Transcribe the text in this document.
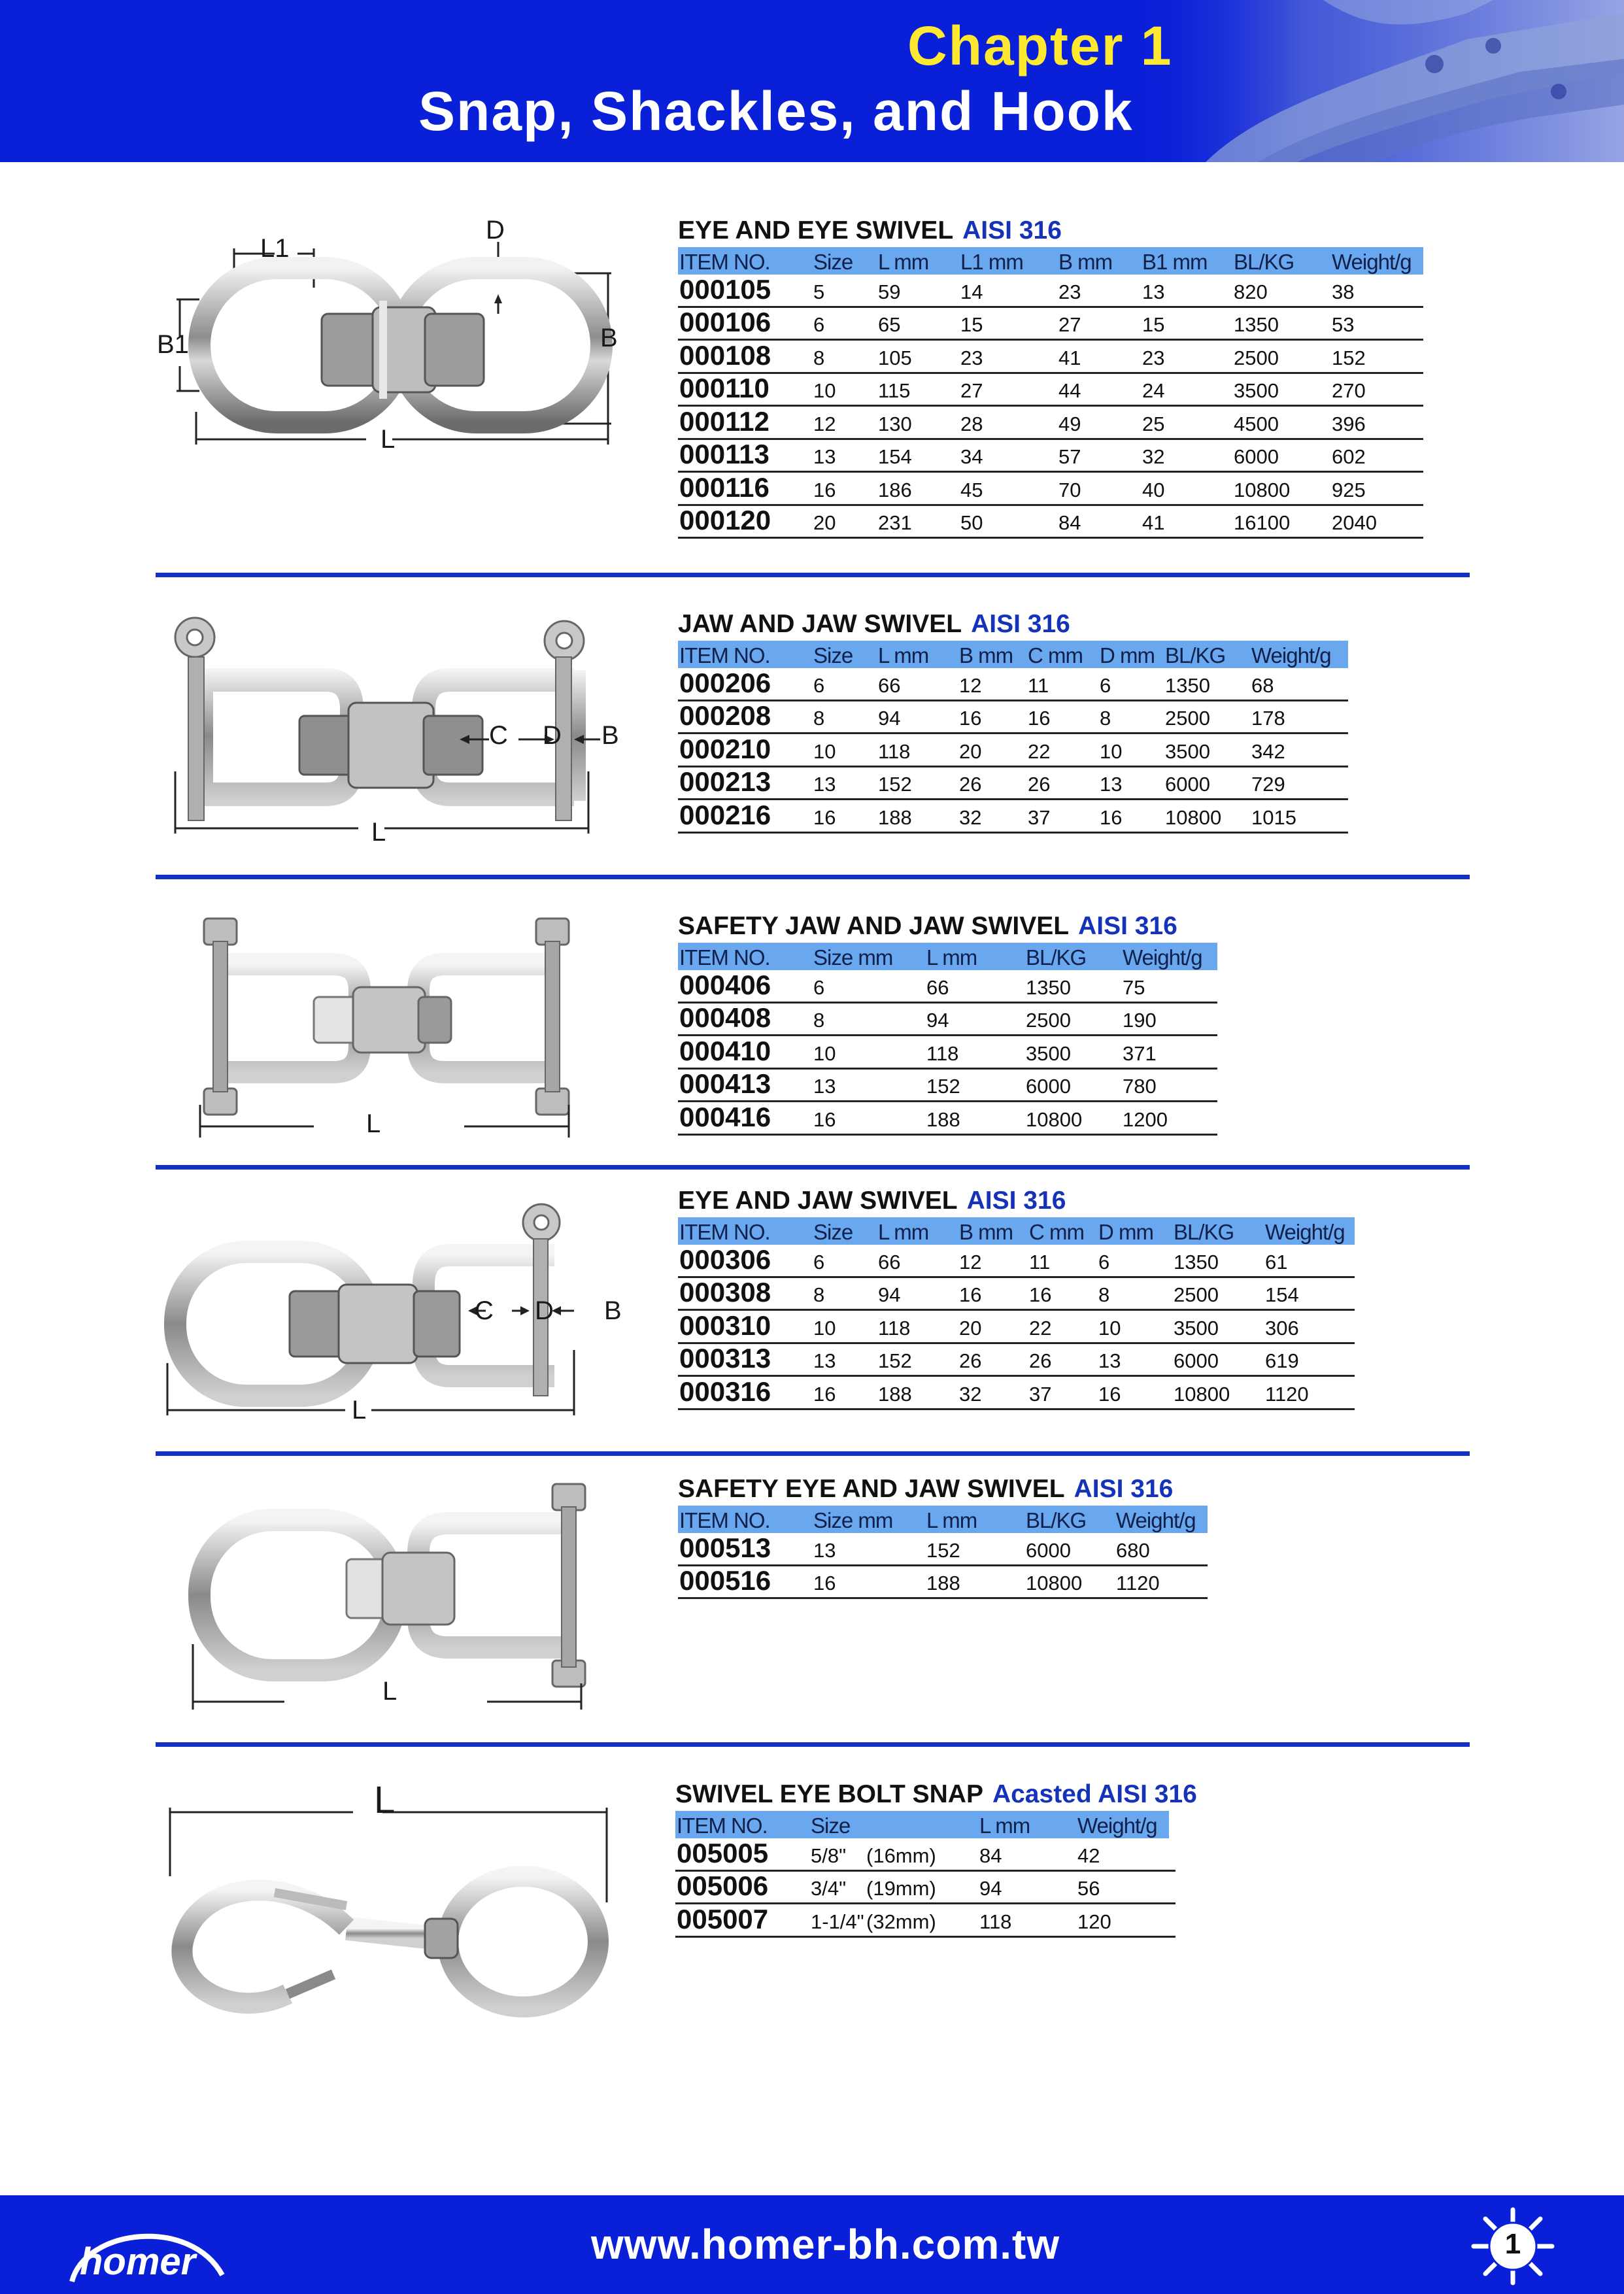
Chapter 1
Snap, Shackles, and Hook
L1
D
B1	B
L
EYE AND EYE SWIVEL AISI 316
ITEM NO. Size L mm L1 mm B mm B1 mm BL/KG Weight/g
000105 5	59	14	23	13	820	38
000106 6	65	15	27	15	1350	53
000108 8	105 23	41	23	2500	152
000110 10 115 27	44	24	3500	270
000112 12 130 28	49	25	4500	396
000113 13 154 34	57	32	6000	602
000116 16 186 45	70	40	10800 925
000120 20 231 50	84	41	16100 2040
C D B
L
JAW AND JAW SWIVEL AISI 316
ITEM NO. Size L mm B mm C mm D mm BL/KG Weight/g
000206 6	66	12 11	6	1350 68
000208 8	94	16 16 8	2500 178
000210 10 118 20 22 10 3500 342
000213 13 152 26 26 13 6000 729
000216 16 188 32 37 16 10800 1015
L
SAFETY JAW AND JAW SWIVEL AISI 316
ITEM NO. Size mm L mm BL/KG Weight/g
000406 6	66	1350	75
000408 8	94	2500	190
000410 10	118	3500	371
000413 13	152	6000	780
000416 16	188	10800 1200
C D B
L
EYE AND JAW SWIVEL AISI 316
ITEM NO. Size L mm B mm C mm D mm BL/KG Weight/g
000306 6	66	12 11 6	1350 61
000308 8	94	16 16 8	2500 154
000310 10 118 20 22 10	3500 306
000313 13 152 26 26 13	6000 619
000316 16 188 32 37 16	10800 1120
L
SAFETY EYE AND JAW SWIVEL AISI 316
ITEM NO. Size mm L mm BL/KG Weight/g
000513 13	152	6000 680
000516 16	188	10800 1120
L	SWIVEL EYE BOLT SNAP Acasted AISI 316
ITEM NO. Size	L mm Weight/g
005005 5/8" (16mm) 84	42
005006 3/4" (19mm) 94	56
005007 1-1/4" (32mm) 118	120
homer	www.homer-bh.com.tw	1
